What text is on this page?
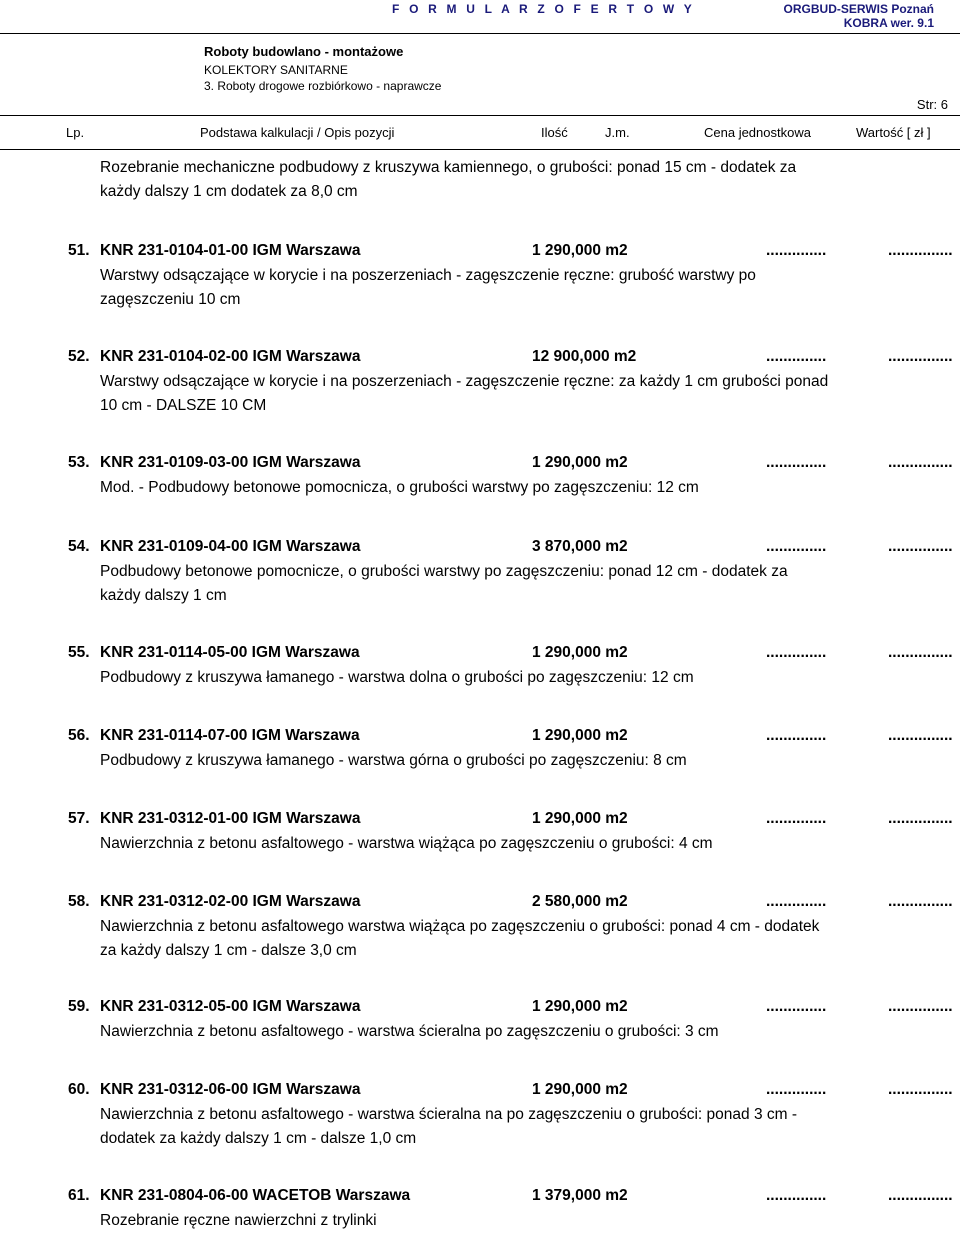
F O R M U L A R Z O F E R T O W Y	ORGBUD-SERWIS Poznań
KOBRA wer. 9.1
Roboty budowlano - montażowe
KOLEKTORY SANITARNE
3. Roboty drogowe rozbiórkowo - naprawcze
Str: 6
Lp.	Podstawa kalkulacji / Opis pozycji	Ilość	J.m.	Cena jednostkowa	Wartość [ zł ]
Rozebranie mechaniczne podbudowy z kruszywa kamiennego, o grubości: ponad 15 cm - dodatek za każdy dalszy 1 cm dodatek za 8,0 cm
51. KNR 231-0104-01-00 IGM Warszawa	1 290,000 m2	..............	...............
Warstwy odsączające w korycie i na poszerzeniach - zagęszczenie ręczne: grubość warstwy po zagęszczeniu 10 cm
52. KNR 231-0104-02-00 IGM Warszawa	12 900,000 m2	..............	...............
Warstwy odsączające w korycie i na poszerzeniach - zagęszczenie ręczne: za każdy 1 cm grubości ponad 10 cm - DALSZE 10 CM
53. KNR 231-0109-03-00 IGM Warszawa	1 290,000 m2	..............	...............
Mod. - Podbudowy betonowe pomocnicza, o grubości warstwy po zagęszczeniu: 12 cm
54. KNR 231-0109-04-00 IGM Warszawa	3 870,000 m2	..............	...............
Podbudowy betonowe pomocnicze, o grubości warstwy po zagęszczeniu: ponad 12 cm - dodatek za każdy dalszy 1 cm
55. KNR 231-0114-05-00 IGM Warszawa	1 290,000 m2	..............	...............
Podbudowy z kruszywa łamanego - warstwa dolna o grubości po zagęszczeniu: 12 cm
56. KNR 231-0114-07-00 IGM Warszawa	1 290,000 m2	..............	...............
Podbudowy z kruszywa łamanego - warstwa górna o grubości po zagęszczeniu: 8 cm
57. KNR 231-0312-01-00 IGM Warszawa	1 290,000 m2	..............	...............
Nawierzchnia z betonu asfaltowego - warstwa wiążąca po zagęszczeniu o grubości: 4 cm
58. KNR 231-0312-02-00 IGM Warszawa	2 580,000 m2	..............	...............
Nawierzchnia z betonu asfaltowego warstwa wiążąca po zagęszczeniu o grubości: ponad 4 cm - dodatek za każdy dalszy 1 cm - dalsze 3,0 cm
59. KNR 231-0312-05-00 IGM Warszawa	1 290,000 m2	..............	...............
Nawierzchnia z betonu asfaltowego - warstwa ścieralna po zagęszczeniu o grubości: 3 cm
60. KNR 231-0312-06-00 IGM Warszawa	1 290,000 m2	..............	...............
Nawierzchnia z betonu asfaltowego - warstwa ścieralna na po zagęszczeniu o grubości: ponad 3 cm - dodatek za każdy dalszy 1 cm - dalsze 1,0 cm
61. KNR 231-0804-06-00 WACETOB Warszawa	1 379,000 m2	..............	...............
Rozebranie ręczne nawierzchni z trylinki
